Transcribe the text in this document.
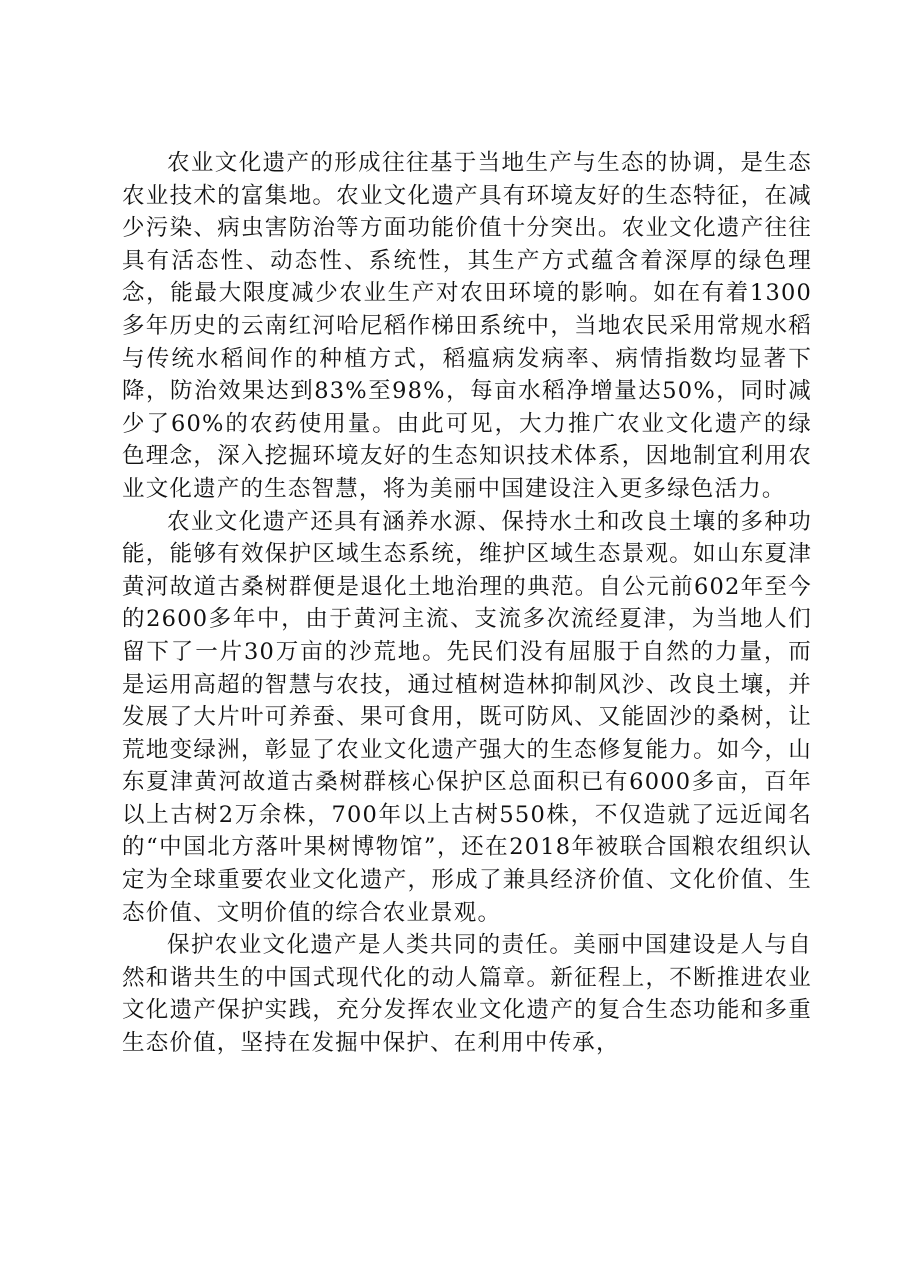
农业文化遗产的形成往往基于当地生产与生态的协调，是生态农业技术的富集地。农业文化遗产具有环境友好的生态特征，在减少污染、病虫害防治等方面功能价值十分突出。农业文化遗产往往具有活态性、动态性、系统性，其生产方式蕴含着深厚的绿色理念，能最大限度减少农业生产对农田环境的影响。如在有着1300多年历史的云南红河哈尼稻作梯田系统中，当地农民采用常规水稻与传统水稻间作的种植方式，稻瘟病发病率、病情指数均显著下降，防治效果达到83%至98%，每亩水稻净增量达50%，同时减少了60%的农药使用量。由此可见，大力推广农业文化遗产的绿色理念，深入挖掘环境友好的生态知识技术体系，因地制宜利用农业文化遗产的生态智慧，将为美丽中国建设注入更多绿色活力。

农业文化遗产还具有涵养水源、保持水土和改良土壤的多种功能，能够有效保护区域生态系统，维护区域生态景观。如山东夏津黄河故道古桑树群便是退化土地治理的典范。自公元前602年至今的2600多年中，由于黄河主流、支流多次流经夏津，为当地人们留下了一片30万亩的沙荒地。先民们没有屈服于自然的力量，而是运用高超的智慧与农技，通过植树造林抑制风沙、改良土壤，并发展了大片叶可养蚕、果可食用，既可防风、又能固沙的桑树，让荒地变绿洲，彰显了农业文化遗产强大的生态修复能力。如今，山东夏津黄河故道古桑树群核心保护区总面积已有6000多亩，百年以上古树2万余株，700年以上古树550株，不仅造就了远近闻名的“中国北方落叶果树博物馆”，还在2018年被联合国粮农组织认定为全球重要农业文化遗产，形成了兼具经济价值、文化价值、生态价值、文明价值的综合农业景观。

保护农业文化遗产是人类共同的责任。美丽中国建设是人与自然和谐共生的中国式现代化的动人篇章。新征程上，不断推进农业文化遗产保护实践，充分发挥农业文化遗产的复合生态功能和多重生态价值，坚持在发掘中保护、在利用中传承，
